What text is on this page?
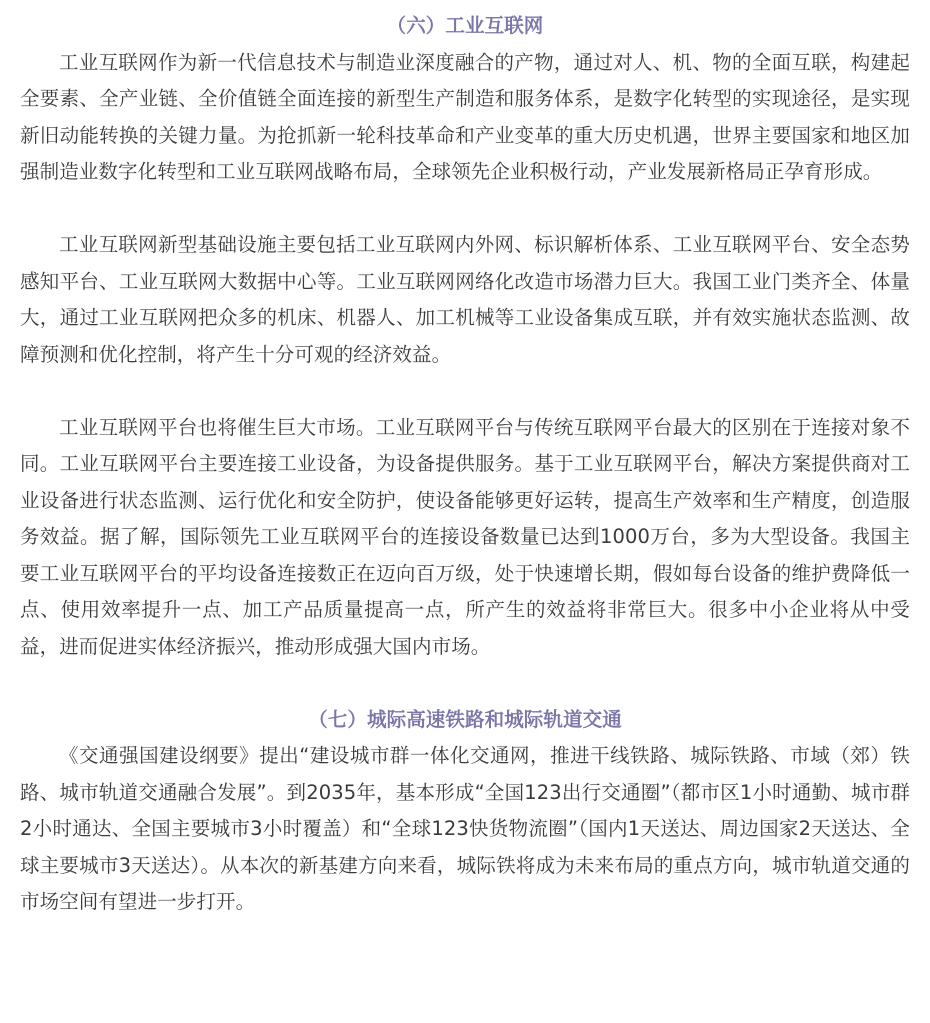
（六）工业互联网

工业互联网作为新一代信息技术与制造业深度融合的产物，通过对人、机、物的全面互联，构建起全要素、全产业链、全价值链全面连接的新型生产制造和服务体系，是数字化转型的实现途径，是实现新旧动能转换的关键力量。为抢抓新一轮科技革命和产业变革的重大历史机遇，世界主要国家和地区加强制造业数字化转型和工业互联网战略布局，全球领先企业积极行动，产业发展新格局正孕育形成。

工业互联网新型基础设施主要包括工业互联网内外网、标识解析体系、工业互联网平台、安全态势感知平台、工业互联网大数据中心等。工业互联网网络化改造市场潜力巨大。我国工业门类齐全、体量大，通过工业互联网把众多的机床、机器人、加工机械等工业设备集成互联，并有效实施状态监测、故障预测和优化控制，将产生十分可观的经济效益。

工业互联网平台也将催生巨大市场。工业互联网平台与传统互联网平台最大的区别在于连接对象不同。工业互联网平台主要连接工业设备，为设备提供服务。基于工业互联网平台，解决方案提供商对工业设备进行状态监测、运行优化和安全防护，使设备能够更好运转，提高生产效率和生产精度，创造服务效益。据了解，国际领先工业互联网平台的连接设备数量已达到1000万台，多为大型设备。我国主要工业互联网平台的平均设备连接数正在迈向百万级，处于快速增长期，假如每台设备的维护费降低一点、使用效率提升一点、加工产品质量提高一点，所产生的效益将非常巨大。很多中小企业将从中受益，进而促进实体经济振兴，推动形成强大国内市场。

（七）城际高速铁路和城际轨道交通

《交通强国建设纲要》提出“建设城市群一体化交通网，推进干线铁路、城际铁路、市域（郊）铁路、城市轨道交通融合发展”。到2035年，基本形成“全国123出行交通圈”（都市区1小时通勤、城市群2小时通达、全国主要城市3小时覆盖）和“全球123快货物流圈”（国内1天送达、周边国家2天送达、全球主要城市3天送达）。从本次的新基建方向来看，城际铁将成为未来布局的重点方向，城市轨道交通的市场空间有望进一步打开。
